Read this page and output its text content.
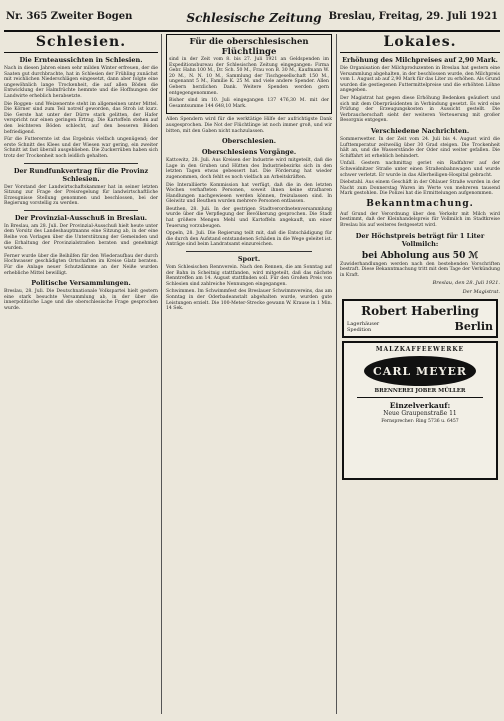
Nr. 365 Zweiter Bogen	Schlesische Zeitung Breslau, Freitag, 29. Juli 1921
Schlesien.
Die Ernteaussichten in Schlesien.

Nach in diesen Jahren einen sehr milden Winter erfreuen, der die Saaten gut durchbrachte, hat in Schlesien der Frühling zunächst mit reichlichen Niederschlägen eingesetzt, dann aber folgte eine ungewöhnlich lange Trockenheit, die auf allen Böden die Entwicklung der Halmfrüchte hemmte und die Hoffnungen der Landwirte erheblich herabsetzte.

Die Roggen- und Weizenernte steht im allgemeinen unter Mittel. Die Körner sind zum Teil notreif geworden, das Stroh ist kurz. Die Gerste hat unter der Dürre stark gelitten, der Hafer verspricht nur einen geringen Ertrag. Die Kartoffeln stehen auf den leichteren Böden schlecht, auf den besseren Böden befriedigend.

Für die Futterernte ist das Ergebnis vielfach ungenügend; der erste Schnitt des Klees und der Wiesen war gering, ein zweiter Schnitt ist fast überall ausgeblieben. Die Zuckerrüben haben sich trotz der Trockenheit noch leidlich gehalten.

Der Rundfunkvertrag für die Provinz Schlesien.

Der Vorstand der Landwirtschaftskammer hat in seiner letzten Sitzung zur Frage der Preisregelung für landwirtschaftliche Erzeugnisse Stellung genommen und beschlossen, bei der Regierung vorstellig zu werden.

Der Provinzial-Ausschuß in Breslau.

In Breslau, am 28. Juli. Der Provinzial-Ausschuß hielt heute unter dem Vorsitz des Landeshauptmanns eine Sitzung ab, in der eine Reihe von Vorlagen über die Unterstützung der Gemeinden und die Erhaltung der Provinzialstraßen beraten und genehmigt wurden.

Ferner wurde über die Beihilfen für den Wiederaufbau der durch Hochwasser geschädigten Ortschaften im Kreise Glatz beraten. Für die Anlage neuer Schutzdämme an der Neiße wurden erhebliche Mittel bewilligt.

Politische Versammlungen.

Breslau, 28. Juli. Die Deutschnationale Volkspartei hielt gestern eine stark besuchte Versammlung ab, in der über die innerpolitische Lage und die oberschlesische Frage gesprochen wurde.

Für die oberschlesischen Flüchtlinge

sind in der Zeit vom 8. bis 27. Juli 1921 an Geldspenden im Expeditionsbureau der Schlesischen Zeitung eingegangen: Firma Gebr. Hahn 100 M., Dr. Sch. 50 M., Frau von B. 30 M., Kaufmann W. 20 M., N. N. 10 M., Sammlung der Tischgesellschaft 150 M., ungenannt 5 M., Familie K. 25 M. und viele andere Spender. Allen Gebern herzlichen Dank. Weitere Spenden werden gern entgegengenommen.

Bisher sind im 10. Juli eingegangen 137 476,30 M. mit der Gesamtsumme 144 648,10 Mark.

Allen Spendern wird für die werktätige Hilfe der aufrichtigste Dank ausgesprochen. Die Not der Flüchtlinge ist noch immer groß, und wir bitten, mit den Gaben nicht nachzulassen.

Oberschlesien.
Oberschlesiens Vorgänge.

Kattowitz, 28. Juli. Aus Kreisen der Industrie wird mitgeteilt, daß die Lage in den Gruben und Hütten des Industriebezirks sich in den letzten Tagen etwas gebessert hat. Die Förderung hat wieder zugenommen, doch fehlt es noch vielfach an Arbeitskräften.

Die Interalliierte Kommission hat verfügt, daß die in den letzten Wochen verhafteten Personen, soweit ihnen keine strafbaren Handlungen nachgewiesen werden können, freizulassen sind. In Gleiwitz und Beuthen wurden mehrere Personen entlassen.

Beuthen, 28. Juli. In der gestrigen Stadtverordnetenversammlung wurde über die Verpflegung der Bevölkerung gesprochen. Die Stadt hat größere Mengen Mehl und Kartoffeln angekauft, um einer Teuerung vorzubeugen.

Oppeln, 28. Juli. Die Regierung teilt mit, daß die Entschädigung für die durch den Aufstand entstandenen Schäden in die Wege geleitet ist. Anträge sind beim Landratsamt einzureichen.

Sport.

Vom Schlesischen Rennverein. Nach den Rennen, die am Sonntag auf der Bahn in Scheitnig stattfanden, wird mitgeteilt, daß das nächste Renntreffen am 14. August stattfinden soll. Für den Großen Preis von Schlesien sind zahlreiche Nennungen eingegangen.

Schwimmen. Im Schwimmfest des Breslauer Schwimmvereins, das am Sonntag in der Oderbadeanstalt abgehalten wurde, wurden gute Leistungen erzielt. Die 100-Meter-Strecke gewann W. Krause in 1 Min. 14 Sek.

Lokales.
Erhöhung des Milchpreises auf 2,90 Mark.

Die Organisation der Milchproduzenten in Breslau hat gestern eine Versammlung abgehalten, in der beschlossen wurde, den Milchpreis vom 1. August ab auf 2,90 Mark für das Liter zu erhöhen. Als Grund wurden die gestiegenen Futtermittelpreise und die erhöhten Löhne angegeben.

Der Magistrat hat gegen diese Erhöhung Bedenken geäußert und sich mit dem Oberpräsidenten in Verbindung gesetzt. Es wird eine Prüfung der Erzeugungskosten in Aussicht gestellt. Die Verbraucherschaft sieht der weiteren Verteuerung mit großer Besorgnis entgegen.

Verschiedene Nachrichten.

Sommerwetter. In der Zeit vom 24. Juli bis 4. August wird die Lufttemperatur zeitweilig über 30 Grad steigen. Die Trockenheit hält an, und die Wasserstände der Oder sind weiter gefallen. Die Schiffahrt ist erheblich behindert.

Unfall. Gestern nachmittag geriet ein Radfahrer auf der Schweidnitzer Straße unter einen Straßenbahnwagen und wurde schwer verletzt. Er wurde in das Allerheiligen-Hospital gebracht.

Diebstahl. Aus einem Geschäft in der Ohlauer Straße wurden in der Nacht zum Donnerstag Waren im Werte von mehreren tausend Mark gestohlen. Die Polizei hat die Ermittelungen aufgenommen.

Bekanntmachung.

Auf Grund der Verordnung über den Verkehr mit Milch wird bestimmt, daß der Kleinhandelspreis für Vollmilch im Stadtkreise Breslau bis auf weiteres festgesetzt wird.

Der Höchstpreis beträgt für 1 Liter Vollmilch:
bei Abholung aus 50 ℳ

Zuwiderhandlungen werden nach den bestehenden Vorschriften bestraft. Diese Bekanntmachung tritt mit dem Tage der Verkündung in Kraft.

Breslau, den 28. Juli 1921.
Der Magistrat.
Robert Haberling
Lagerhäuser
Spedition	Berlin
MALZKAFFEEWERKE
CARL MEYER
BRENNEREI JOBER MÜLLER
Einzelverkauf:
Neue Graupenstraße 11
Fernsprecher: Ring 5736 u. 6457
